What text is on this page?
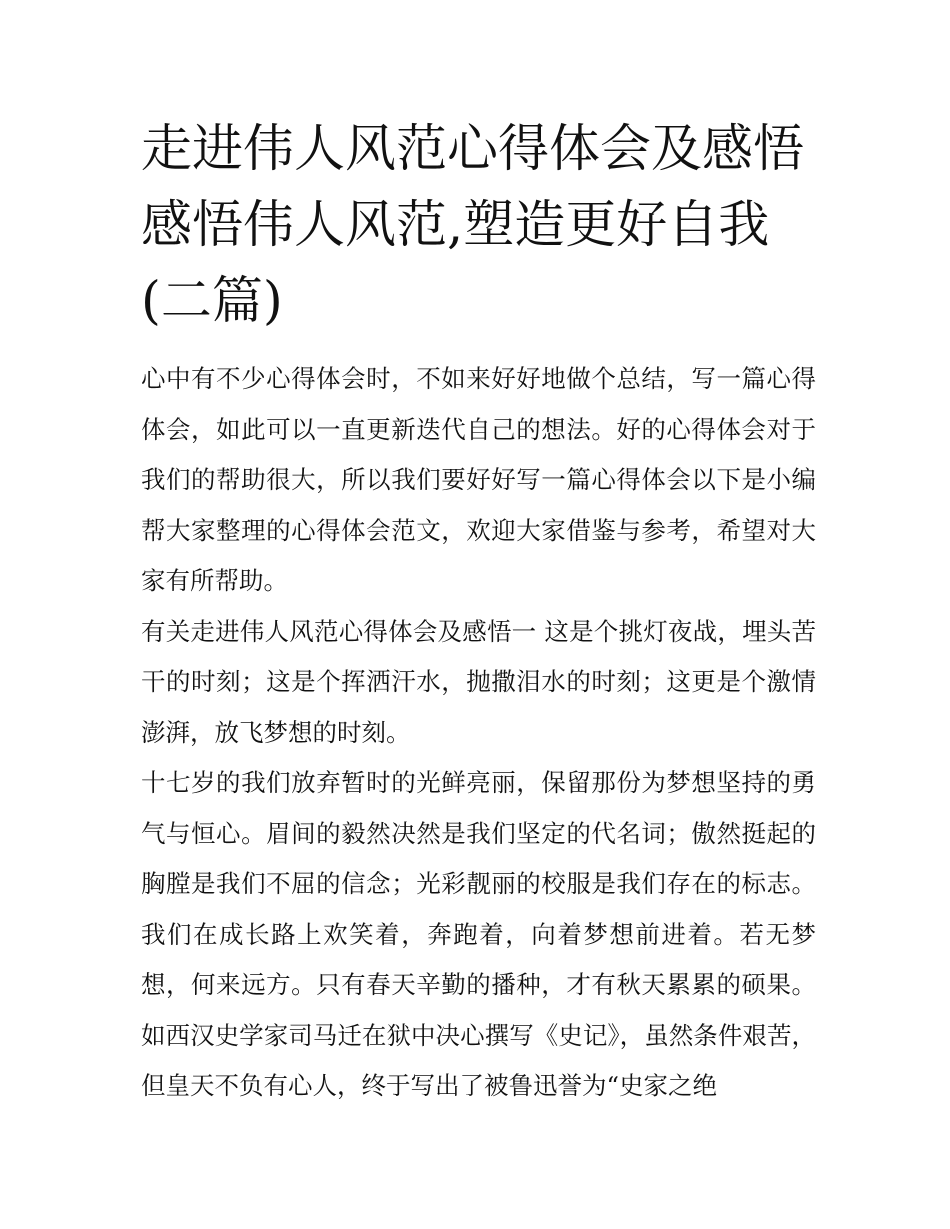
走进伟人风范心得体会及感悟感悟伟人风范,塑造更好自我(二篇)

心中有不少心得体会时，不如来好好地做个总结，写一篇心得体会，如此可以一直更新迭代自己的想法。好的心得体会对于我们的帮助很大，所以我们要好好写一篇心得体会以下是小编帮大家整理的心得体会范文，欢迎大家借鉴与参考，希望对大家有所帮助。

有关走进伟人风范心得体会及感悟一 这是个挑灯夜战，埋头苦干的时刻；这是个挥洒汗水，抛撒泪水的时刻；这更是个激情澎湃，放飞梦想的时刻。

十七岁的我们放弃暂时的光鲜亮丽，保留那份为梦想坚持的勇气与恒心。眉间的毅然决然是我们坚定的代名词；傲然挺起的胸膛是我们不屈的信念；光彩靓丽的校服是我们存在的标志。我们在成长路上欢笑着，奔跑着，向着梦想前进着。若无梦想，何来远方。只有春天辛勤的播种，才有秋天累累的硕果。如西汉史学家司马迁在狱中决心撰写《史记》，虽然条件艰苦，但皇天不负有心人，终于写出了被鲁迅誉为“史家之绝
